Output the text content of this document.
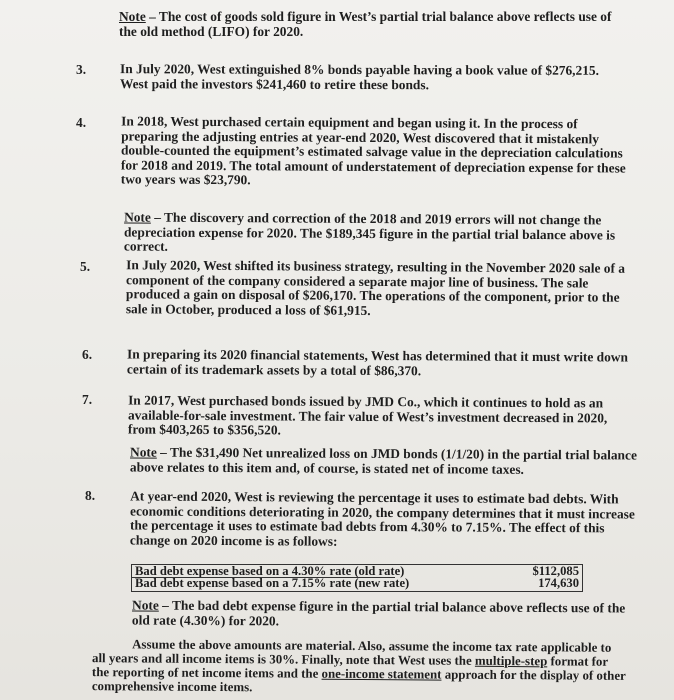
Note – The cost of goods sold figure in West’s partial trial balance above reflects use of
the old method (LIFO) for 2020.
3.	In July 2020, West extinguished 8% bonds payable having a book value of $276,215.
West paid the investors $241,460 to retire these bonds.
4.	In 2018, West purchased certain equipment and began using it. In the process of
preparing the adjusting entries at year-end 2020, West discovered that it mistakenly
double-counted the equipment’s estimated salvage value in the depreciation calculations
for 2018 and 2019. The total amount of understatement of depreciation expense for these
two years was $23,790.
Note – The discovery and correction of the 2018 and 2019 errors will not change the
depreciation expense for 2020. The $189,345 figure in the partial trial balance above is
correct.
5.	In July 2020, West shifted its business strategy, resulting in the November 2020 sale of a
component of the company considered a separate major line of business. The sale
produced a gain on disposal of $206,170. The operations of the component, prior to the
sale in October, produced a loss of $61,915.
6.	In preparing its 2020 financial statements, West has determined that it must write down
certain of its trademark assets by a total of $86,370.
7.	In 2017, West purchased bonds issued by JMD Co., which it continues to hold as an
available-for-sale investment. The fair value of West’s investment decreased in 2020,
from $403,265 to $356,520.
Note – The $31,490 Net unrealized loss on JMD bonds (1/1/20) in the partial trial balance
above relates to this item and, of course, is stated net of income taxes.
8.	At year-end 2020, West is reviewing the percentage it uses to estimate bad debts. With
economic conditions deteriorating in 2020, the company determines that it must increase
the percentage it uses to estimate bad debts from 4.30% to 7.15%. The effect of this
change on 2020 income is as follows:
Bad debt expense based on a 4.30% rate (old rate)	$112,085
Bad debt expense based on a 7.15% rate (new rate)	174,630
Note – The bad debt expense figure in the partial trial balance above reflects use of the
old rate (4.30%) for 2020.
Assume the above amounts are material. Also, assume the income tax rate applicable to
all years and all income items is 30%. Finally, note that West uses the multiple-step format for
the reporting of net income items and the one-income statement approach for the display of other
comprehensive income items.
